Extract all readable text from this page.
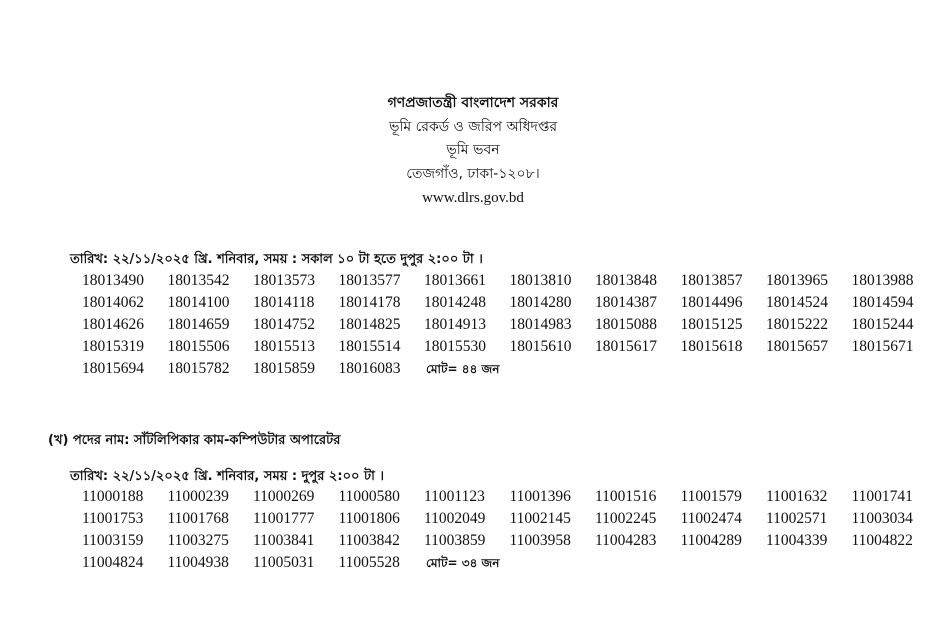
গণপ্রজাতন্ত্রী বাংলাদেশ সরকার
ভূমি রেকর্ড ও জরিপ অধিদপ্তর
ভূমি ভবন
তেজগাঁও, ঢাকা-১২০৮।
www.dlrs.gov.bd
তারিখ: ২২/১১/২০২৫ খ্রি. শনিবার, সময় : সকাল ১০ টা হতে দুপুর ২:০০ টা ।
18013490	18013542	18013573	18013577	18013661	18013810	18013848	18013857	18013965	18013988
18014062	18014100	18014118	18014178	18014248	18014280	18014387	18014496	18014524	18014594
18014626	18014659	18014752	18014825	18014913	18014983	18015088	18015125	18015222	18015244
18015319	18015506	18015513	18015514	18015530	18015610	18015617	18015618	18015657	18015671
18015694	18015782	18015859	18016083	মোট= ৪৪ জন
(খ) পদের নাম: সাঁটলিপিকার কাম-কম্পিউটার অপারেটর
তারিখ: ২২/১১/২০২৫ খ্রি. শনিবার, সময় : দুপুর ২:০০ টা ।
11000188	11000239	11000269	11000580	11001123	11001396	11001516	11001579	11001632	11001741
11001753	11001768	11001777	11001806	11002049	11002145	11002245	11002474	11002571	11003034
11003159	11003275	11003841	11003842	11003859	11003958	11004283	11004289	11004339	11004822
11004824	11004938	11005031	11005528	মোট= ৩৪ জন
